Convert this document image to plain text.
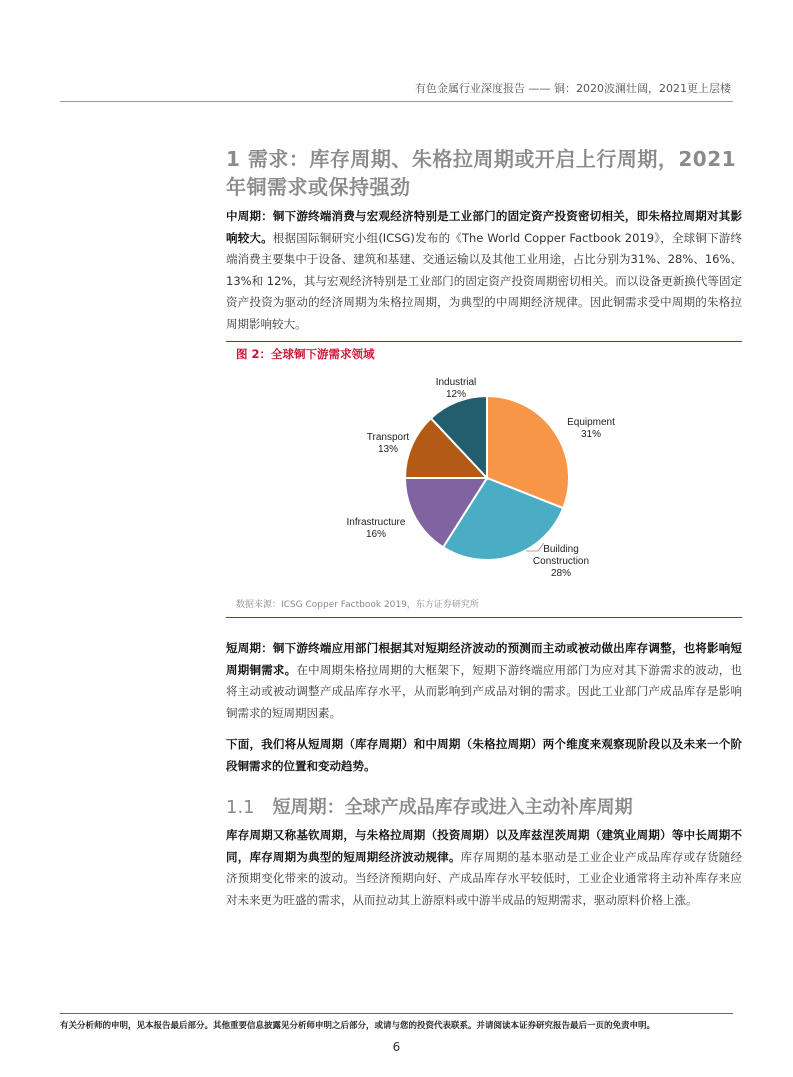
有色金属行业深度报告 —— 铜：2020波澜壮阔，2021更上层楼
1 需求：库存周期、朱格拉周期或开启上行周期，2021
年铜需求或保持强劲
中周期：铜下游终端消费与宏观经济特别是工业部门的固定资产投资密切相关，即朱格拉周期对其影响较大。根据国际铜研究小组(ICSG)发布的《The World Copper Factbook 2019》，全球铜下游终端消费主要集中于设备、建筑和基建、交通运输以及其他工业用途，占比分别为31%、28%、16%、13%和 12%，其与宏观经济特别是工业部门的固定资产投资周期密切相关。而以设备更新换代等固定资产投资为驱动的经济周期为朱格拉周期，为典型的中周期经济规律。因此铜需求受中周期的朱格拉周期影响较大。
图 2：全球铜下游需求领域
Equipment 31%
Building Construction 28%
Infrastructure 16%
Transport 13%
Industrial 12%
数据来源：ICSG Copper Factbook 2019，东方证券研究所
短周期：铜下游终端应用部门根据其对短期经济波动的预测而主动或被动做出库存调整，也将影响短周期铜需求。在中周期朱格拉周期的大框架下，短期下游终端应用部门为应对其下游需求的波动，也将主动或被动调整产成品库存水平，从而影响到产成品对铜的需求。因此工业部门产成品库存是影响铜需求的短周期因素。
下面，我们将从短周期（库存周期）和中周期（朱格拉周期）两个维度来观察现阶段以及未来一个阶段铜需求的位置和变动趋势。
1.1 短周期：全球产成品库存或进入主动补库周期
库存周期又称基钦周期，与朱格拉周期（投资周期）以及库兹涅茨周期（建筑业周期）等中长周期不同，库存周期为典型的短周期经济波动规律。库存周期的基本驱动是工业企业产成品库存或存货随经济预期变化带来的波动。当经济预期向好、产成品库存水平较低时，工业企业通常将主动补库存来应对未来更为旺盛的需求，从而拉动其上游原料或中游半成品的短期需求，驱动原料价格上涨。
有关分析师的申明，见本报告最后部分。其他重要信息披露见分析师申明之后部分，或请与您的投资代表联系。并请阅读本证券研究报告最后一页的免责申明。
6
